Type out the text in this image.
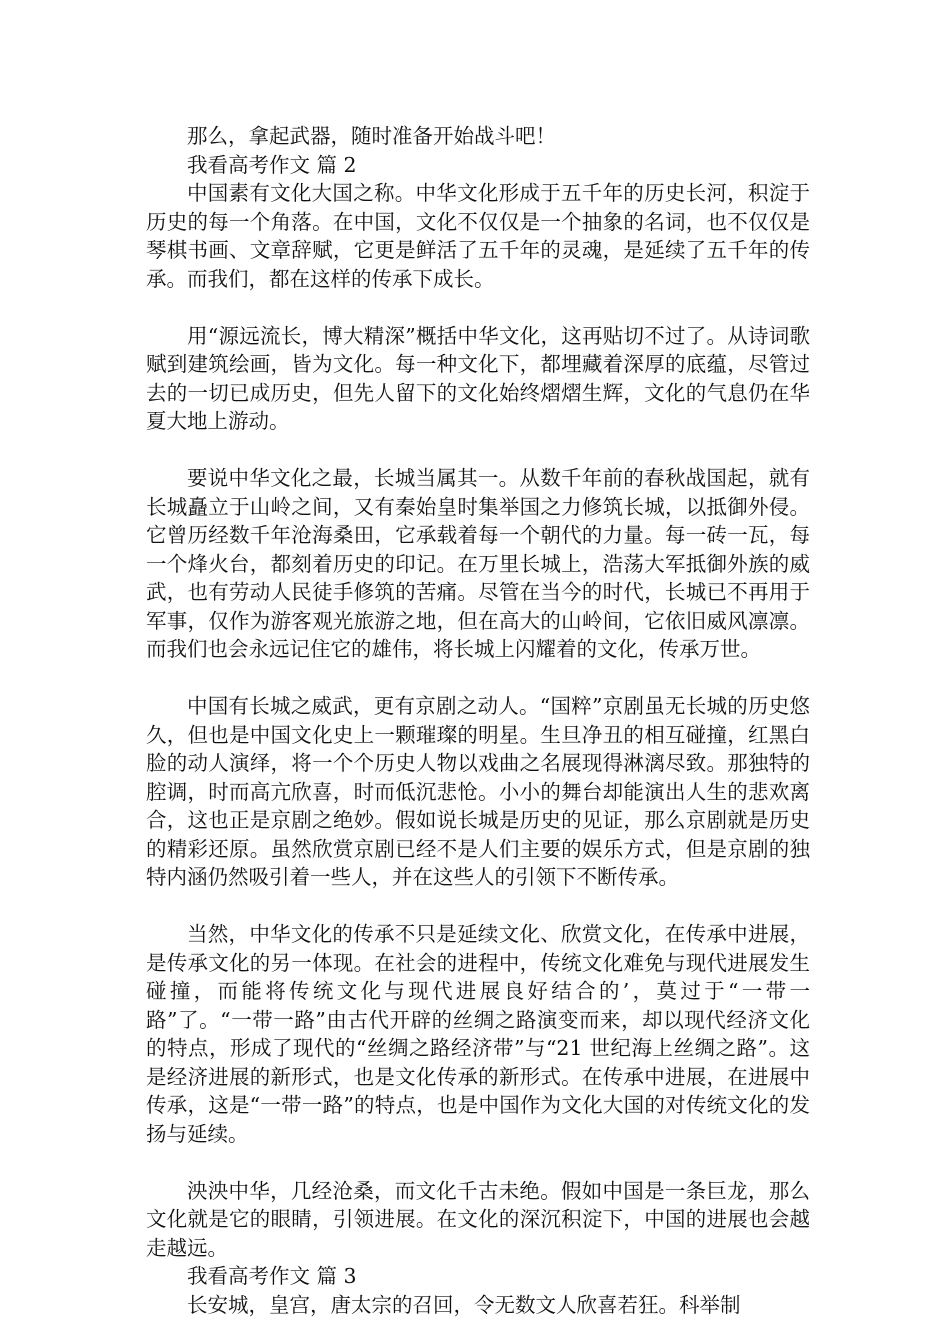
那么，拿起武器，随时准备开始战斗吧！

我看高考作文 篇 2

中国素有文化大国之称。中华文化形成于五千年的历史长河，积淀于历史的每一个角落。在中国，文化不仅仅是一个抽象的名词，也不仅仅是琴棋书画、文章辞赋，它更是鲜活了五千年的灵魂，是延续了五千年的传承。而我们，都在这样的传承下成长。

用“源远流长，博大精深”概括中华文化，这再贴切不过了。从诗词歌赋到建筑绘画，皆为文化。每一种文化下，都埋藏着深厚的底蕴，尽管过去的一切已成历史，但先人留下的文化始终熠熠生辉，文化的气息仍在华夏大地上游动。

要说中华文化之最，长城当属其一。从数千年前的春秋战国起，就有长城矗立于山岭之间，又有秦始皇时集举国之力修筑长城，以抵御外侵。它曾历经数千年沧海桑田，它承载着每一个朝代的力量。每一砖一瓦，每一个烽火台，都刻着历史的印记。在万里长城上，浩荡大军抵御外族的威武，也有劳动人民徒手修筑的苦痛。尽管在当今的时代，长城已不再用于军事，仅作为游客观光旅游之地，但在高大的山岭间，它依旧威风凛凛。而我们也会永远记住它的雄伟，将长城上闪耀着的文化，传承万世。

中国有长城之威武，更有京剧之动人。“国粹”京剧虽无长城的历史悠久，但也是中国文化史上一颗璀璨的明星。生旦净丑的相互碰撞，红黑白脸的动人演绎，将一个个历史人物以戏曲之名展现得淋漓尽致。那独特的腔调，时而高亢欣喜，时而低沉悲怆。小小的舞台却能演出人生的悲欢离合，这也正是京剧之绝妙。假如说长城是历史的见证，那么京剧就是历史的精彩还原。虽然欣赏京剧已经不是人们主要的娱乐方式，但是京剧的独特内涵仍然吸引着一些人，并在这些人的引领下不断传承。

当然，中华文化的传承不只是延续文化、欣赏文化，在传承中进展，是传承文化的另一体现。在社会的进程中，传统文化难免与现代进展发生碰撞，而能将传统文化与现代进展良好结合的’，莫过于“一带一路”了。“一带一路”由古代开辟的丝绸之路演变而来，却以现代经济文化的特点，形成了现代的“丝绸之路经济带”与“21 世纪海上丝绸之路”。这是经济进展的新形式，也是文化传承的新形式。在传承中进展，在进展中传承，这是“一带一路”的特点，也是中国作为文化大国的对传统文化的发扬与延续。

泱泱中华，几经沧桑，而文化千古未绝。假如中国是一条巨龙，那么文化就是它的眼睛，引领进展。在文化的深沉积淀下，中国的进展也会越走越远。

我看高考作文 篇 3

长安城，皇宫，唐太宗的召回，令无数文人欣喜若狂。科举制
